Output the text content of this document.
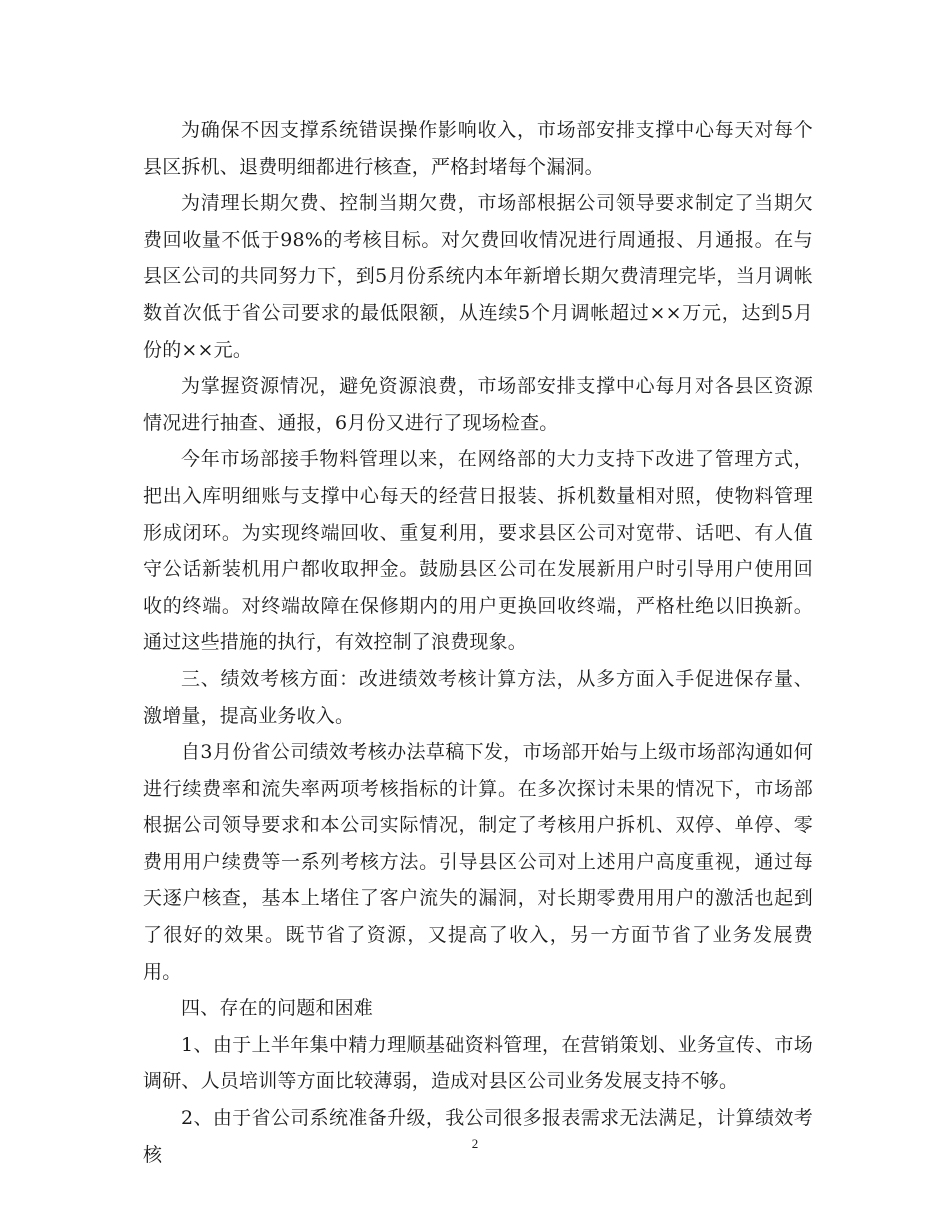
为确保不因支撑系统错误操作影响收入，市场部安排支撑中心每天对每个县区拆机、退费明细都进行核查，严格封堵每个漏洞。

为清理长期欠费、控制当期欠费，市场部根据公司领导要求制定了当期欠费回收量不低于98%的考核目标。对欠费回收情况进行周通报、月通报。在与县区公司的共同努力下，到5月份系统内本年新增长期欠费清理完毕，当月调帐数首次低于省公司要求的最低限额，从连续5个月调帐超过××万元，达到5月份的××元。

为掌握资源情况，避免资源浪费，市场部安排支撑中心每月对各县区资源情况进行抽查、通报，6月份又进行了现场检查。

今年市场部接手物料管理以来，在网络部的大力支持下改进了管理方式，把出入库明细账与支撑中心每天的经营日报装、拆机数量相对照，使物料管理形成闭环。为实现终端回收、重复利用，要求县区公司对宽带、话吧、有人值守公话新装机用户都收取押金。鼓励县区公司在发展新用户时引导用户使用回收的终端。对终端故障在保修期内的用户更换回收终端，严格杜绝以旧换新。通过这些措施的执行，有效控制了浪费现象。

三、绩效考核方面：改进绩效考核计算方法，从多方面入手促进保存量、激增量，提高业务收入。

自3月份省公司绩效考核办法草稿下发，市场部开始与上级市场部沟通如何进行续费率和流失率两项考核指标的计算。在多次探讨未果的情况下，市场部根据公司领导要求和本公司实际情况，制定了考核用户拆机、双停、单停、零费用用户续费等一系列考核方法。引导县区公司对上述用户高度重视，通过每天逐户核查，基本上堵住了客户流失的漏洞，对长期零费用用户的激活也起到了很好的效果。既节省了资源，又提高了收入，另一方面节省了业务发展费用。

四、存在的问题和困难

1、由于上半年集中精力理顺基础资料管理，在营销策划、业务宣传、市场调研、人员培训等方面比较薄弱，造成对县区公司业务发展支持不够。

2、由于省公司系统准备升级，我公司很多报表需求无法满足，计算绩效考核

2
